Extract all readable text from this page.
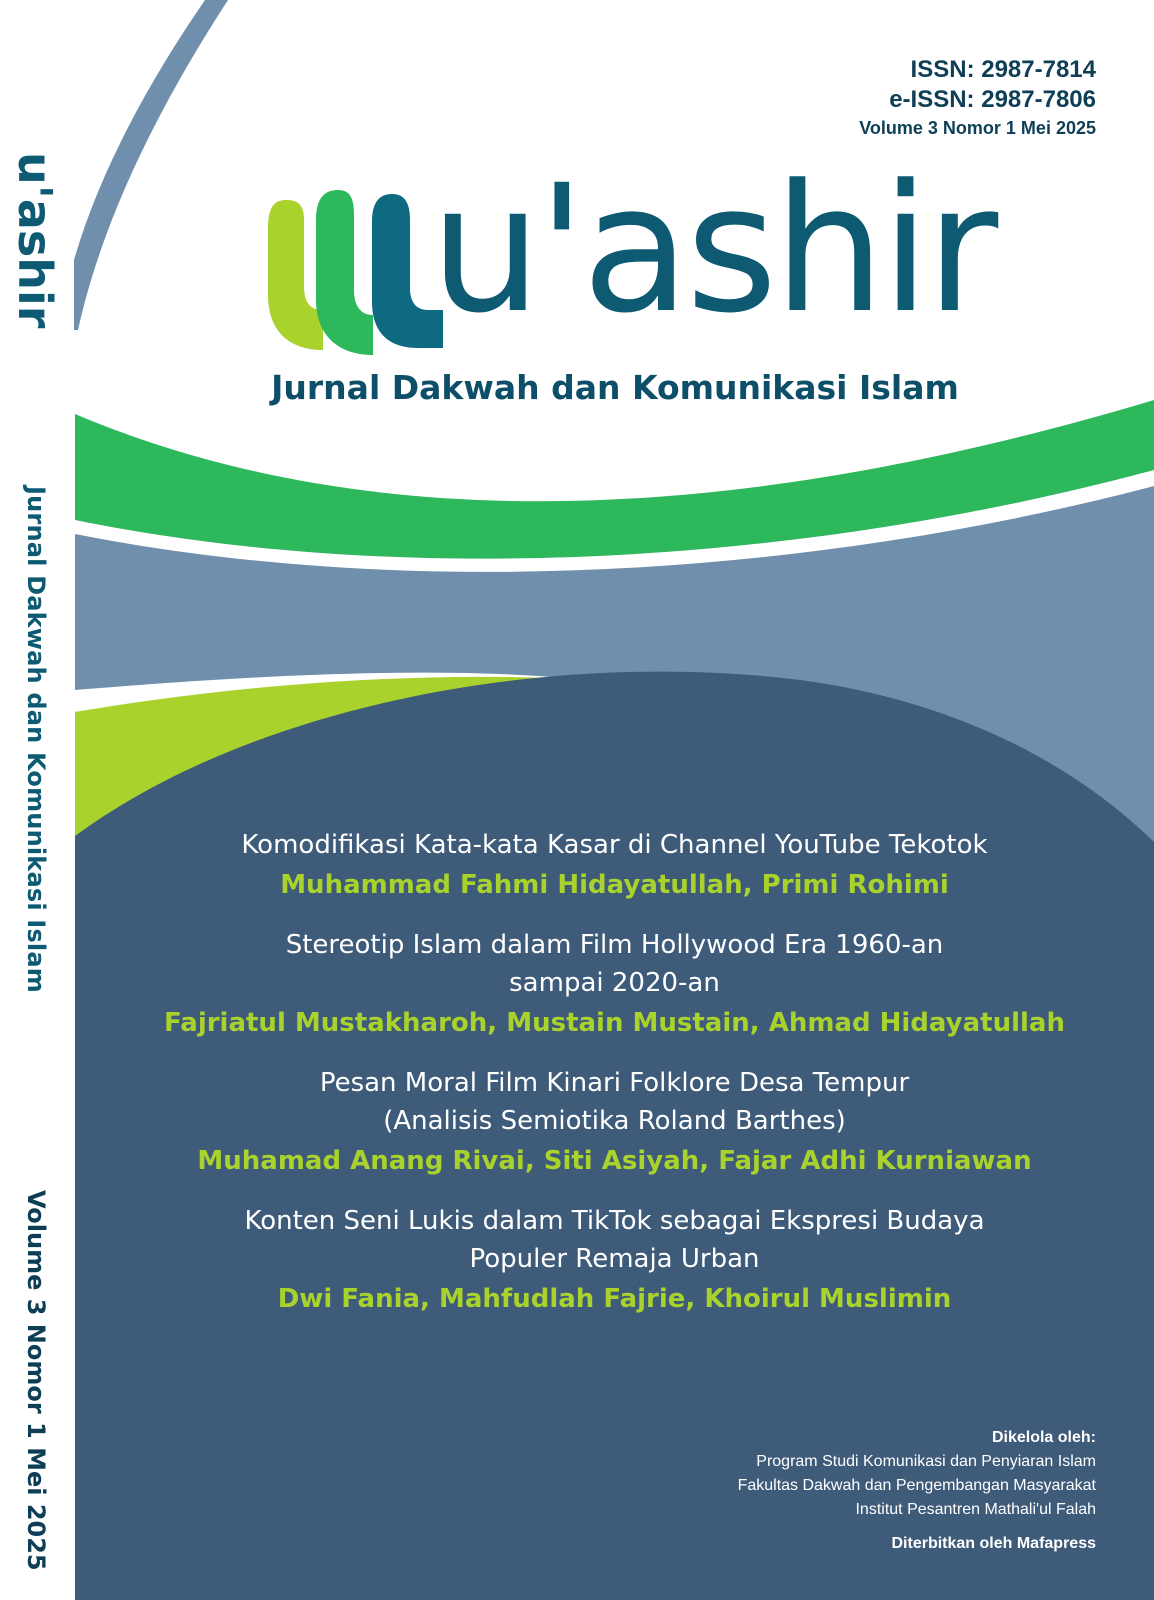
u'ashir
Jurnal Dakwah dan Komunikasi Islam
Volume 3 Nomor 1 Mei 2025
ISSN: 2987-7814
e-ISSN: 2987-7806
Volume 3 Nomor 1 Mei 2025
u'ashir
Jurnal Dakwah dan Komunikasi Islam
Komodifikasi Kata-kata Kasar di Channel YouTube Tekotok
Muhammad Fahmi Hidayatullah, Primi Rohimi
Stereotip Islam dalam Film Hollywood Era 1960-an
sampai 2020-an
Fajriatul Mustakharoh, Mustain Mustain, Ahmad Hidayatullah
Pesan Moral Film Kinari Folklore Desa Tempur
(Analisis Semiotika Roland Barthes)
Muhamad Anang Rivai, Siti Asiyah, Fajar Adhi Kurniawan
Konten Seni Lukis dalam TikTok sebagai Ekspresi Budaya
Populer Remaja Urban
Dwi Fania, Mahfudlah Fajrie, Khoirul Muslimin
Dikelola oleh:
Program Studi Komunikasi dan Penyiaran Islam
Fakultas Dakwah dan Pengembangan Masyarakat
Institut Pesantren Mathali'ul Falah
Diterbitkan oleh Mafapress
